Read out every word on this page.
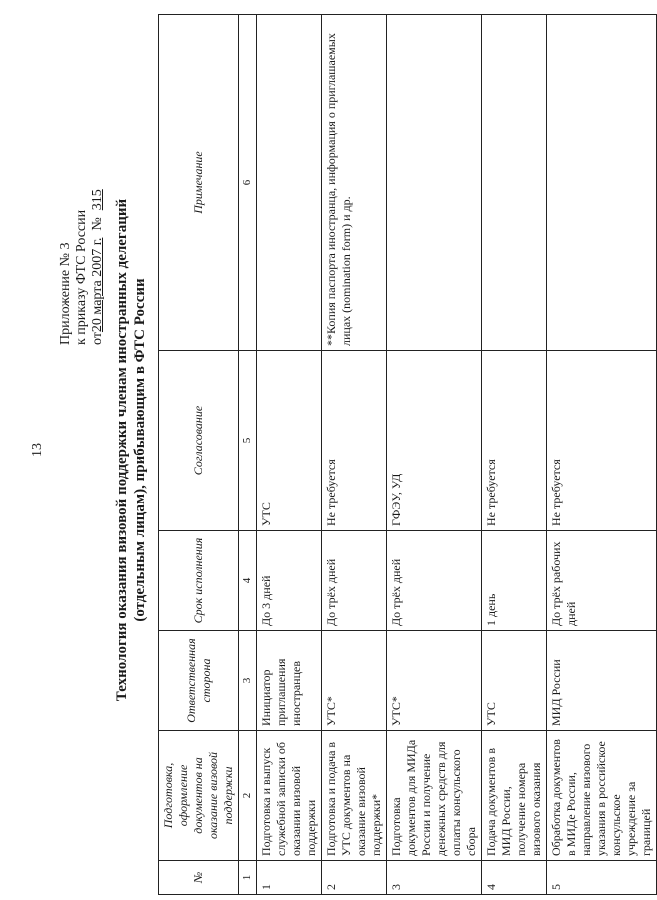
13
Приложение № 3 к приказу ФТС России от20 марта 2007 г.  №  315 Технология оказания визовой поддержки членам иностранных делегаций (отдельным лицам), прибывающим в ФТС России
№	Подготовка, оформление документов на оказание визовой поддержки	Ответственная сторона	Срок исполнения	Согласование	Примечание
1	2	3	4	5	6
1	Подготовка и выпуск служебной записки об оказании визовой поддержки	Инициатор приглашения иностранцев	До 3 дней	УТС	
2	Подготовка и подача в УТС документов на оказание визовой поддержки*	УТС*	До трёх дней	Не требуется	**Копия паспорта иностранца, информация о приглашаемых лицах (nomination form) и др.
3	Подготовка документов для МИДа России и получение денежных средств для оплаты консульского сбора	УТС*	До трёх дней	ГФЭУ, УД	
4	Подача документов в МИД России, получение номера визового оказания	УТС	1 день	Не требуется	
5	Обработка документов в МИДе России, направление визового указания в российское консульское учреждение за границей	МИД России	До трёх рабочих дней	Не требуется	
